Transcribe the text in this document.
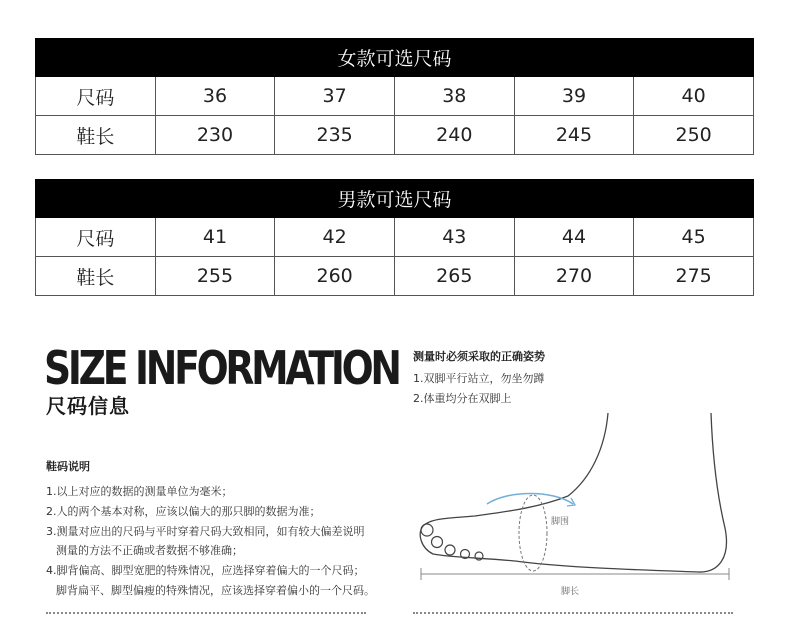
女款可选尺码					
尺码	36	37	38	39	40
鞋长	230	235	240	245	250
男款可选尺码					
尺码	41	42	43	44	45
鞋长	255	260	265	270	275
SIZE INFORMATION
尺码信息
鞋码说明
1.以上对应的数据的测量单位为毫米；
2.人的两个基本对称，应该以偏大的那只脚的数据为准；
3.测量对应出的尺码与平时穿着尺码大致相同，如有较大偏差说明
测量的方法不正确或者数据不够准确；
4.脚背偏高、脚型宽肥的特殊情况，应选择穿着偏大的一个尺码；
脚背扁平、脚型偏瘦的特殊情况，应该选择穿着偏小的一个尺码。
测量时必须采取的正确姿势
1.双脚平行站立，勿坐勿蹲
2.体重均分在双脚上
脚围
脚长
